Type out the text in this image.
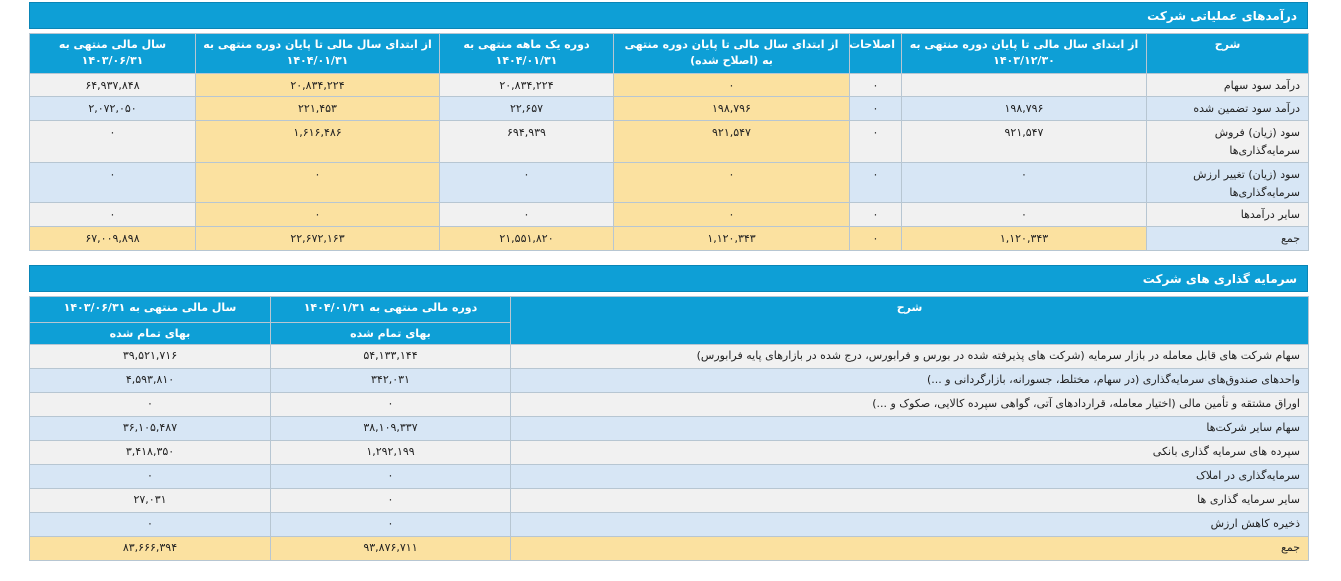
درآمدهای عملیاتی شرکت
شرح	از ابتدای سال مالی تا پایان دوره منتهی به ۱۴۰۳/۱۲/۳۰	اصلاحات	از ابتدای سال مالی تا پایان دوره منتهی به (اصلاح شده)	دوره یک ماهه منتهی به ۱۴۰۴/۰۱/۳۱	از ابتدای سال مالی تا پایان دوره منتهی به ۱۴۰۴/۰۱/۳۱	سال مالی منتهی به ۱۴۰۳/۰۶/۳۱
درآمد سود سهام		۰	۰	۲۰,۸۳۴,۲۲۴	۲۰,۸۳۴,۲۲۴	۶۴,۹۳۷,۸۴۸
درآمد سود تضمین شده	۱۹۸,۷۹۶	۰	۱۹۸,۷۹۶	۲۲,۶۵۷	۲۲۱,۴۵۳	۲,۰۷۲,۰۵۰
سود (زیان) فروش سرمایه‌گذاری‌ها	۹۲۱,۵۴۷	۰	۹۲۱,۵۴۷	۶۹۴,۹۳۹	۱,۶۱۶,۴۸۶	۰
سود (زیان) تغییر ارزش سرمایه‌گذاری‌ها	۰	۰	۰	۰	۰	۰
سایر درآمدها	۰	۰	۰	۰	۰	۰
جمع	۱,۱۲۰,۳۴۳	۰	۱,۱۲۰,۳۴۳	۲۱,۵۵۱,۸۲۰	۲۲,۶۷۲,۱۶۳	۶۷,۰۰۹,۸۹۸
سرمایه گذاری های شرکت
شرح	دوره مالی منتهی به ۱۴۰۴/۰۱/۳۱	سال مالی منتهی به ۱۴۰۳/۰۶/۳۱
	بهای تمام شده	بهای تمام شده
سهام شرکت های قابل معامله در بازار سرمایه (شرکت های پذیرفته شده در بورس و فرابورس، درج شده در بازارهای پایه فرابورس)	۵۴,۱۳۳,۱۴۴	۳۹,۵۲۱,۷۱۶
واحدهای صندوق‌های سرمایه‌گذاری (در سهام، مختلط، جسورانه، بازارگردانی و ...)	۳۴۲,۰۳۱	۴,۵۹۳,۸۱۰
اوراق مشتقه و تأمین مالی (اختیار معامله، قراردادهای آتی، گواهی سپرده کالایی، صکوک و ...)	۰	۰
سهام سایر شرکت‌ها	۳۸,۱۰۹,۳۳۷	۳۶,۱۰۵,۴۸۷
سپرده های سرمایه گذاری بانکی	۱,۲۹۲,۱۹۹	۳,۴۱۸,۳۵۰
سرمایه‌گذاری در املاک	۰	۰
سایر سرمایه گذاری ها	۰	۲۷,۰۳۱
ذخیره کاهش ارزش	۰	۰
جمع	۹۳,۸۷۶,۷۱۱	۸۳,۶۶۶,۳۹۴
